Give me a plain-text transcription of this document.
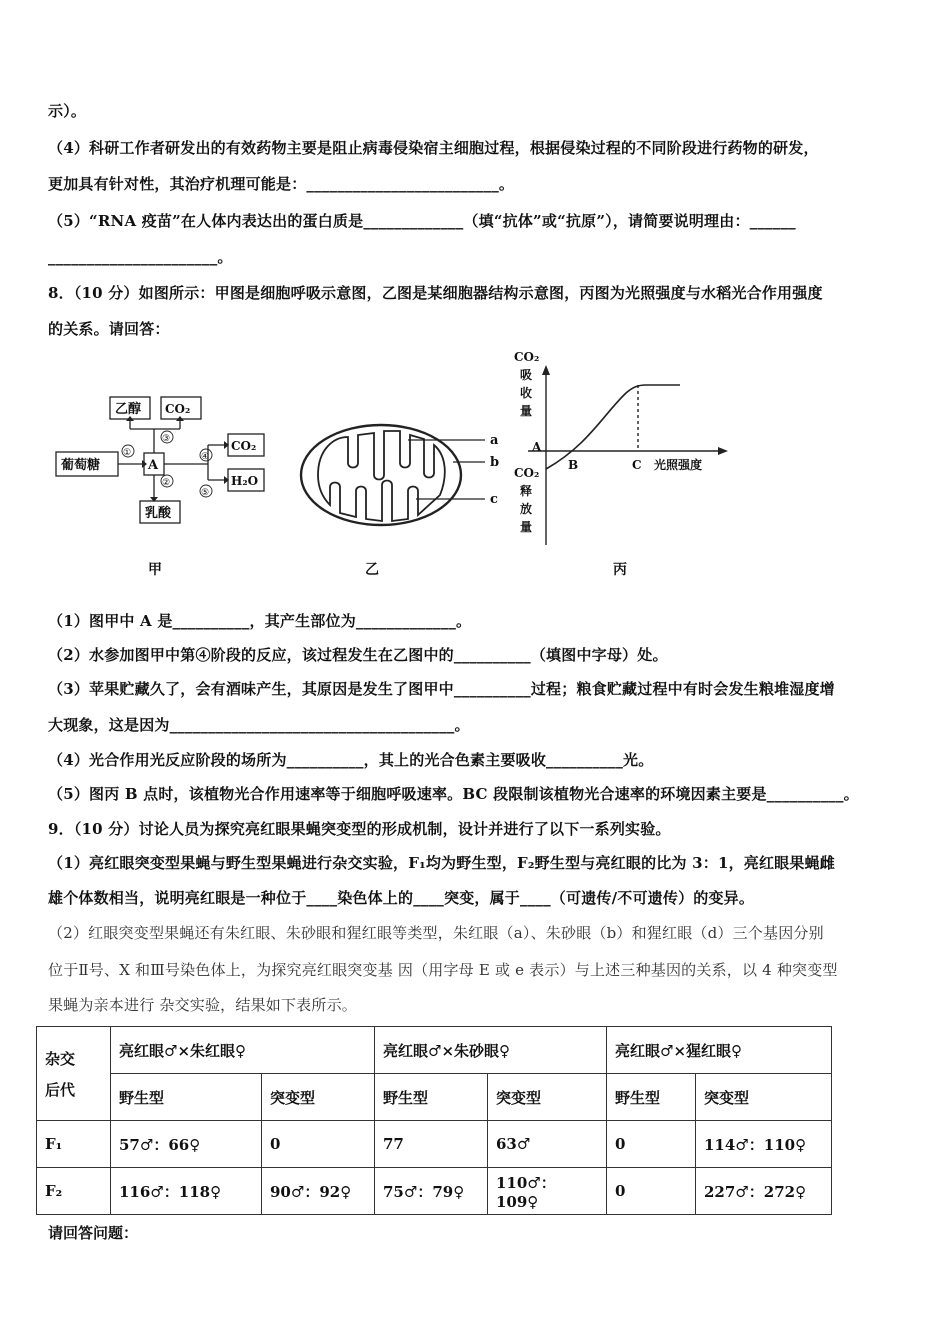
示）。
（4）科研工作者研发出的有效药物主要是阻止病毒侵染宿主细胞过程，根据侵染过程的不同阶段进行药物的研发，
更加具有针对性，其治疗机理可能是：_________________________。
（5）“RNA 疫苗”在人体内表达出的蛋白质是_____________（填“抗体”或“抗原”），请简要说明理由：______
______________________。
8．（10 分）如图所示：甲图是细胞呼吸示意图，乙图是某细胞器结构示意图，丙图为光照强度与水稻光合作用强度
的关系。请回答：
葡萄糖	A
乙醇 CO₂
CO₂
H₂O
乳酸
①
③
②
④
⑤
甲
a
b
c
乙
CO₂
吸
收
量
A
CO₂
释
放
量
B	C 光照强度
丙
（1）图甲中 A 是__________，其产生部位为_____________。
（2）水参加图甲中第④阶段的反应，该过程发生在乙图中的__________（填图中字母）处。
（3）苹果贮藏久了，会有酒味产生，其原因是发生了图甲中__________过程；粮食贮藏过程中有时会发生粮堆湿度增
大现象，这是因为_____________________________________。
（4）光合作用光反应阶段的场所为__________，其上的光合色素主要吸收__________光。
（5）图丙 B 点时，该植物光合作用速率等于细胞呼吸速率。BC 段限制该植物光合速率的环境因素主要是__________。
9．（10 分）讨论人员为探究亮红眼果蝇突变型的形成机制，设计并进行了以下一系列实验。
（1）亮红眼突变型果蝇与野生型果蝇进行杂交实验，F₁均为野生型，F₂野生型与亮红眼的比为 3：1，亮红眼果蝇雌
雄个体数相当，说明亮红眼是一种位于____染色体上的____突变，属于____（可遗传/不可遗传）的变异。
（2）红眼突变型果蝇还有朱红眼、朱砂眼和猩红眼等类型，朱红眼（a）、朱砂眼（b）和猩红眼（d）三个基因分别
位于Ⅱ号、X 和Ⅲ号染色体上，为探究亮红眼突变基 因（用字母 E 或 e 表示）与上述三种基因的关系，以 4 种突变型
果蝇为亲本进行 杂交实验，结果如下表所示。
杂交
后代	亮红眼♂×朱红眼♀		亮红眼♂×朱砂眼♀		亮红眼♂×猩红眼♀	
	野生型	突变型	野生型	突变型	野生型	突变型
F₁	57♂：66♀	0	77	63♂	0	114♂：110♀
F₂	116♂：118♀	90♂：92♀	75♂：79♀	110♂：109♀	0	227♂：272♀
请回答问题：
